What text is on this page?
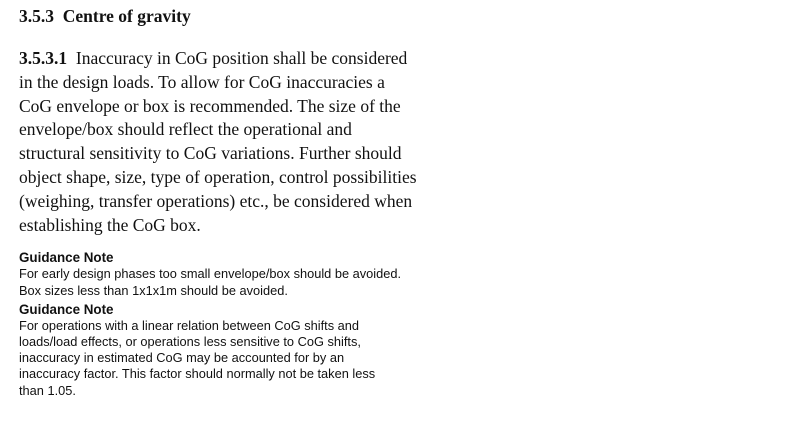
3.5.3 Centre of gravity
3.5.3.1 Inaccuracy in CoG position shall be considered
in the design loads. To allow for CoG inaccuracies a
CoG envelope or box is recommended. The size of the
envelope/box should reflect the operational and
structural sensitivity to CoG variations. Further should
object shape, size, type of operation, control possibilities
(weighing, transfer operations) etc., be considered when
establishing the CoG box.

Guidance Note

For early design phases too small envelope/box should be avoided.
Box sizes less than 1x1x1m should be avoided.

Guidance Note

For operations with a linear relation between CoG shifts and
loads/load effects, or operations less sensitive to CoG shifts,
inaccuracy in estimated CoG may be accounted for by an
inaccuracy factor. This factor should normally not be taken less
than 1.05.
